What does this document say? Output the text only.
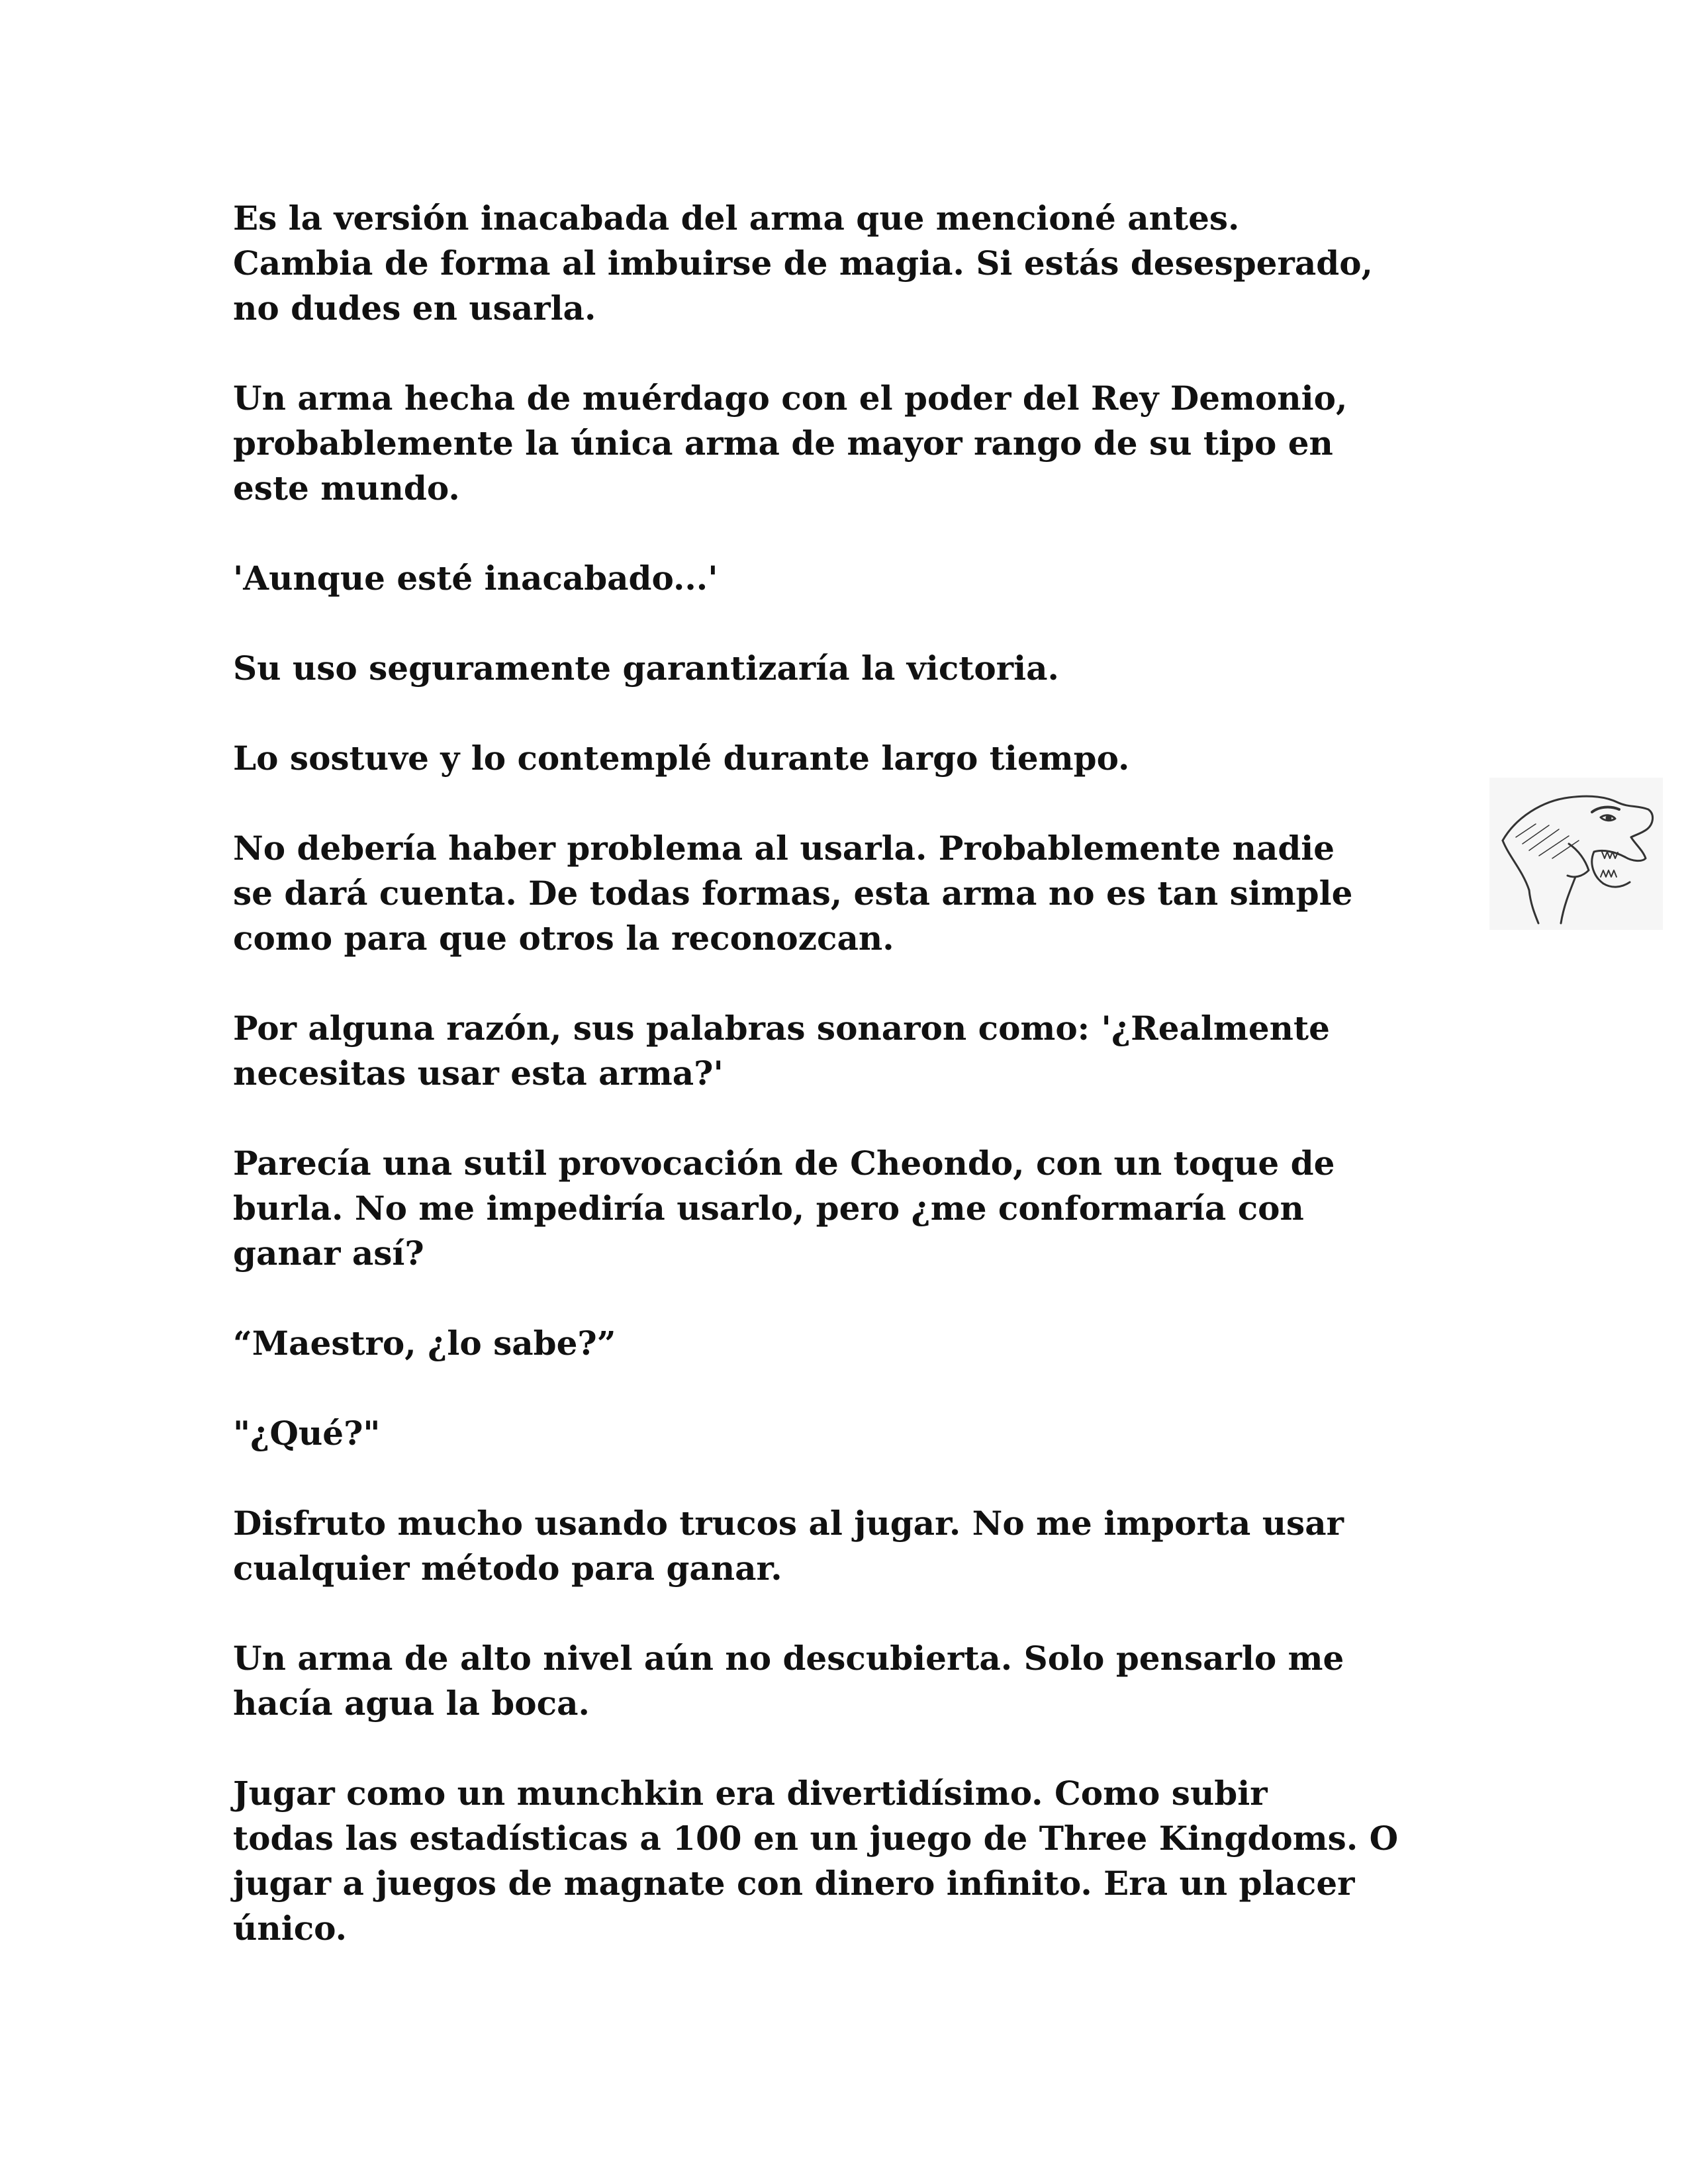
Es la versión inacabada del arma que mencioné antes.
Cambia de forma al imbuirse de magia. Si estás desesperado,
no dudes en usarla.

Un arma hecha de muérdago con el poder del Rey Demonio,
probablemente la única arma de mayor rango de su tipo en
este mundo.

'Aunque esté inacabado...'

Su uso seguramente garantizaría la victoria.

Lo sostuve y lo contemplé durante largo tiempo.

No debería haber problema al usarla. Probablemente nadie
se dará cuenta. De todas formas, esta arma no es tan simple
como para que otros la reconozcan.

Por alguna razón, sus palabras sonaron como: '¿Realmente
necesitas usar esta arma?'

Parecía una sutil provocación de Cheondo, con un toque de
burla. No me impediría usarlo, pero ¿me conformaría con
ganar así?

“Maestro, ¿lo sabe?”

"¿Qué?"

Disfruto mucho usando trucos al jugar. No me importa usar
cualquier método para ganar.

Un arma de alto nivel aún no descubierta. Solo pensarlo me
hacía agua la boca.

Jugar como un munchkin era divertidísimo. Como subir
todas las estadísticas a 100 en un juego de Three Kingdoms. O
jugar a juegos de magnate con dinero infinito. Era un placer
único.
